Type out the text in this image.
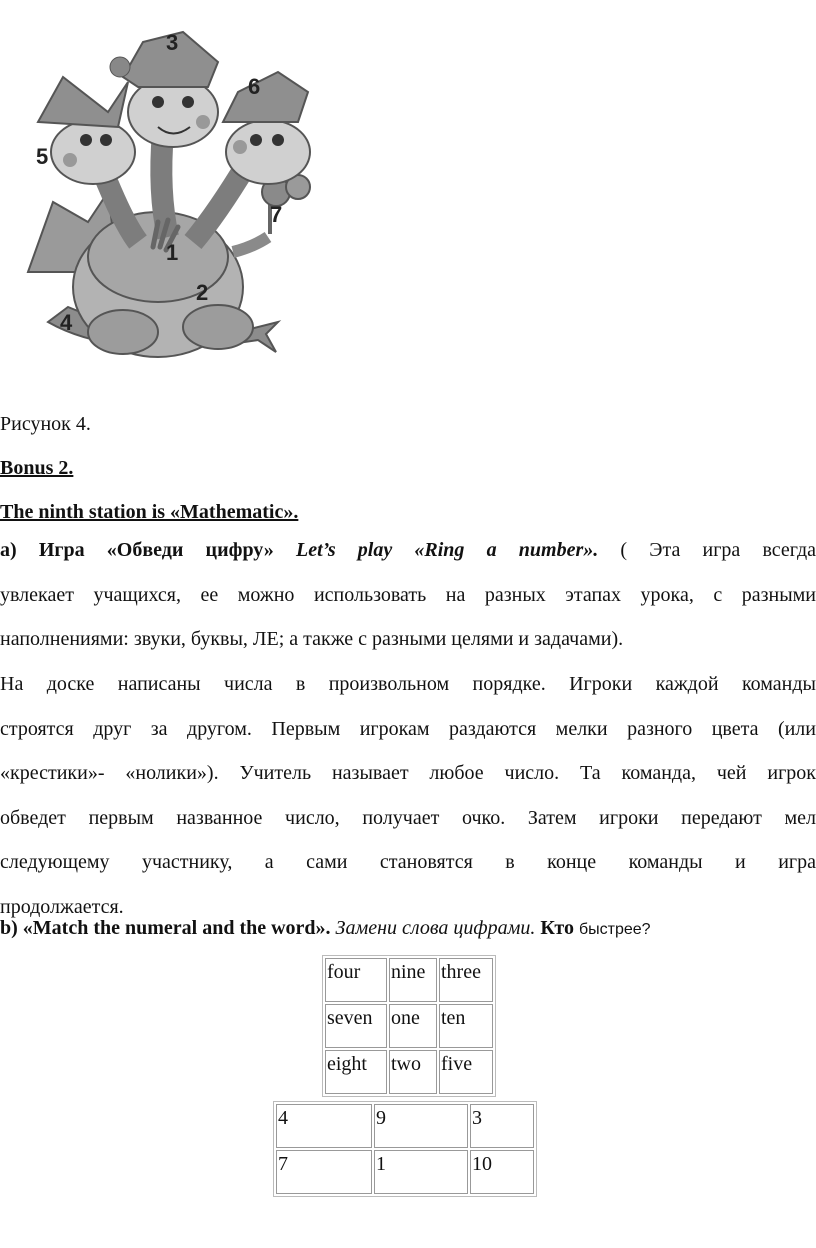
1
2
3
4
5
6
7
Рисунок 4.
Bonus 2.
The ninth station is «Mathematic».
а) Игра «Обведи цифру» Let’s play «Ring a number». ( Эта игра всегда
увлекает учащихся, ее можно использовать на разных этапах урока, с разными
наполнениями: звуки, буквы, ЛЕ; а также с разными целями и задачами).
На доске написаны числа в произвольном порядке. Игроки каждой команды
строятся друг за другом. Первым игрокам раздаются мелки разного цвета (или
«крестики»- «нолики»). Учитель называет любое число. Та команда, чей игрок
обведет первым названное число, получает очко. Затем игроки передают мел
следующему участнику, а сами становятся в конце команды и игра
продолжается.
b) «Match the numeral and the word». Замени слова цифрами. Кто быстрее?
four	nine	three
seven	one	ten
eight	two	five
4	9	3
7	1	10
